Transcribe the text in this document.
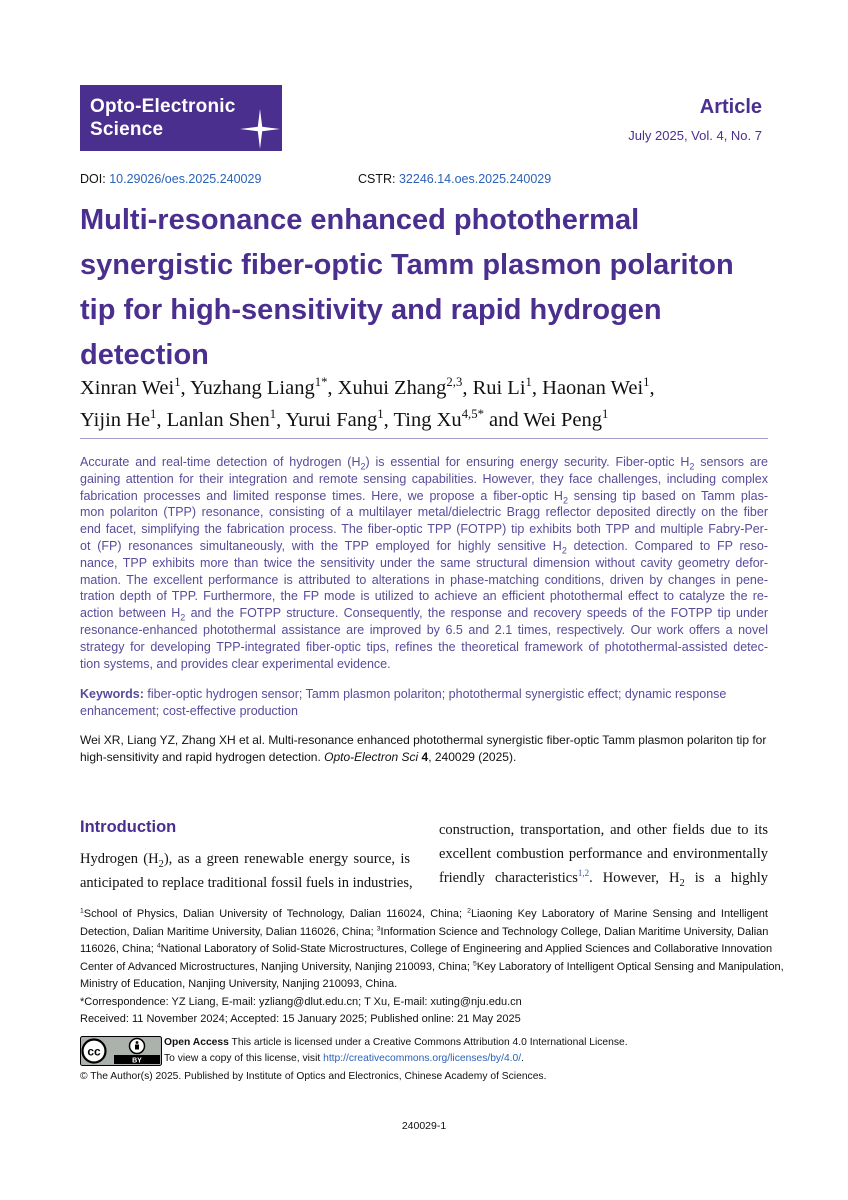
Opto-Electronic
Science
Article
July 2025, Vol. 4, No. 7
DOI: 10.29026/oes.2025.240029	CSTR: 32246.14.oes.2025.240029
Multi-resonance enhanced photothermal
synergistic fiber-optic Tamm plasmon polariton
tip for high-sensitivity and rapid hydrogen
detection
Xinran Wei$^1$, Yuzhang Liang$^{1*}$, Xuhui Zhang$^{2,3}$, Rui Li$^1$, Haonan Wei$^1$,
Yijin He$^1$, Lanlan Shen$^1$, Yurui Fang$^1$, Ting $Xu^{4,5*}$ and Wei Peng$^1$
Accurate and real-time detection of hydrogen $(H_2)$ is essential for ensuring energy security. Fiber-optic $H_2$ sensors are
gaining attention for their integration and remote sensing capabilities. However, they face challenges, including complex
fabrication processes and limited response times. Here, we propose a fiber-optic $H_2$ sensing tip based on Tamm plas-
mon polariton (TPP) resonance, consisting of a multilayer metal/dielectric Bragg reflector deposited directly on the fiber
end facet, simplifying the fabrication process. The fiber-optic TPP (FOTPP) tip exhibits both TPP and multiple Fabry-Per-
ot (FP) resonances simultaneously, with the TPP employed for highly sensitive $H_2$ detection. Compared to FP reso-
nance, TPP exhibits more than twice the sensitivity under the same structural dimension without cavity geometry defor-
mation. The excellent performance is attributed to alterations in phase-matching conditions, driven by changes in pene-
tration depth of TPP. Furthermore, the FP mode is utilized to achieve an efficient photothermal effect to catalyze the re-
action between $H_2$ and the FOTPP structure. Consequently, the response and recovery speeds of the FOTPP tip under
resonance-enhanced photothermal assistance are improved by 6.5 and 2.1 times, respectively. Our work offers a novel
strategy for developing TPP-integrated fiber-optic tips, refines the theoretical framework of photothermal-assisted detec-
tion systems, and provides clear experimental evidence.
Keywords: fiber-optic hydrogen sensor; Tamm plasmon polariton; photothermal synergistic effect; dynamic response
enhancement; cost-effective production
Wei XR, Liang YZ, Zhang XH et al. Multi-resonance enhanced photothermal synergistic fiber-optic Tamm plasmon polariton tip for
high-sensitivity and rapid hydrogen detection. Opto-Electron Sci 4, 240029 (2025).
Introduction
Hydrogen $(H_2)$, as a green renewable energy source, is
anticipated to replace traditional fossil fuels in industries,
construction, transportation, and other fields due to its
excellent combustion performance and environmentally
friendly characteristics$^{1,2}$. However, $H_2$ is a highly
$^1$School of Physics, Dalian University of Technology, Dalian 116024, China; $^2$Liaoning Key Laboratory of Marine Sensing and Intelligent
Detection, Dalian Maritime University, Dalian 116026, China; $^3$Information Science and Technology College, Dalian Maritime University, Dalian
116026, China; $^4$National Laboratory of Solid-State Microstructures, College of Engineering and Applied Sciences and Collaborative Innovation
Center of Advanced Microstructures, Nanjing University, Nanjing 210093, China; $^5$Key Laboratory of Intelligent Optical Sensing and Manipulation,
Ministry of Education, Nanjing University, Nanjing 210093, China.
*Correspondence: YZ Liang, E-mail: yzliang@dlut.edu.cn; T Xu, E-mail: xuting@nju.edu.cn
Received: 11 November 2024; Accepted: 15 January 2025; Published online: 21 May 2025
cc
BY
Open Access This article is licensed under a Creative Commons Attribution 4.0 International License.
To view a copy of this license, visit http://creativecommons.org/licenses/by/4.0/.
© The Author(s) 2025. Published by Institute of Optics and Electronics, Chinese Academy of Sciences.
240029-1
